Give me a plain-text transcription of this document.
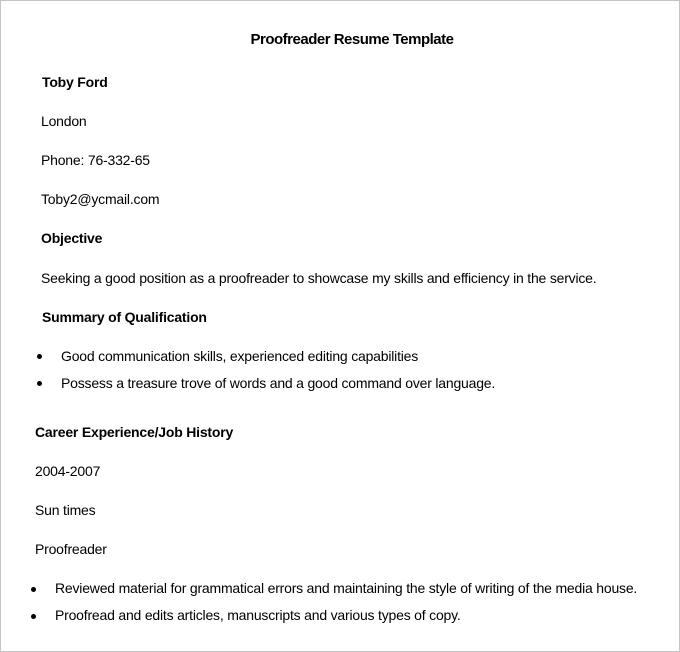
Proofreader Resume Template
Toby Ford
London
Phone: 76-332-65
Toby2@ycmail.com
Objective
Seeking a good position as a proofreader to showcase my skills and efficiency in the service.
Summary of Qualification
Good communication skills, experienced editing capabilities
Possess a treasure trove of words and a good command over language.
Career Experience/Job History
2004-2007
Sun times
Proofreader
Reviewed material for grammatical errors and maintaining the style of writing of the media house.
Proofread and edits articles, manuscripts and various types of copy.
